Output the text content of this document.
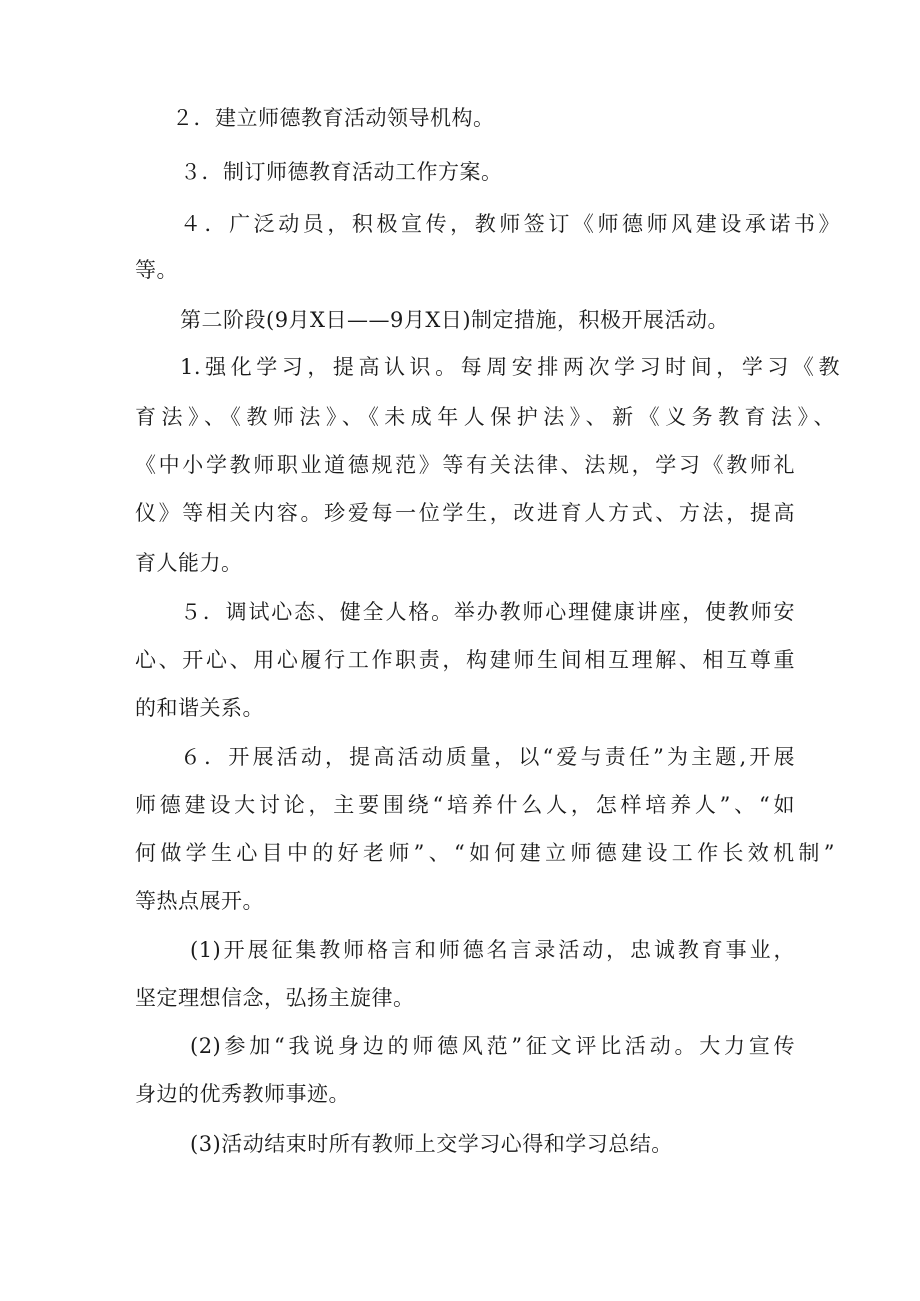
２．建立师德教育活动领导机构。

３．制订师德教育活动工作方案。

４．广泛动员，积极宣传，教师签订《师德师风建设承诺书》

等。

第二阶段(9月X日——9月X日)制定措施，积极开展活动。

1.强化学习，提高认识。每周安排两次学习时间，学习《教

育法》、《教师法》、《未成年人保护法》、新《义务教育法》、

《中小学教师职业道德规范》等有关法律、法规，学习《教师礼

仪》等相关内容。珍爱每一位学生，改进育人方式、方法，提高

育人能力。

５．调试心态、健全人格。举办教师心理健康讲座，使教师安

心、开心、用心履行工作职责，构建师生间相互理解、相互尊重

的和谐关系。

６．开展活动，提高活动质量，以“爱与责任”为主题,开展

师德建设大讨论，主要围绕“培养什么人，怎样培养人”、“如

何做学生心目中的好老师”、“如何建立师德建设工作长效机制”

等热点展开。

(1)开展征集教师格言和师德名言录活动，忠诚教育事业，

坚定理想信念，弘扬主旋律。

(2)参加“我说身边的师德风范”征文评比活动。大力宣传

身边的优秀教师事迹。

(3)活动结束时所有教师上交学习心得和学习总结。
